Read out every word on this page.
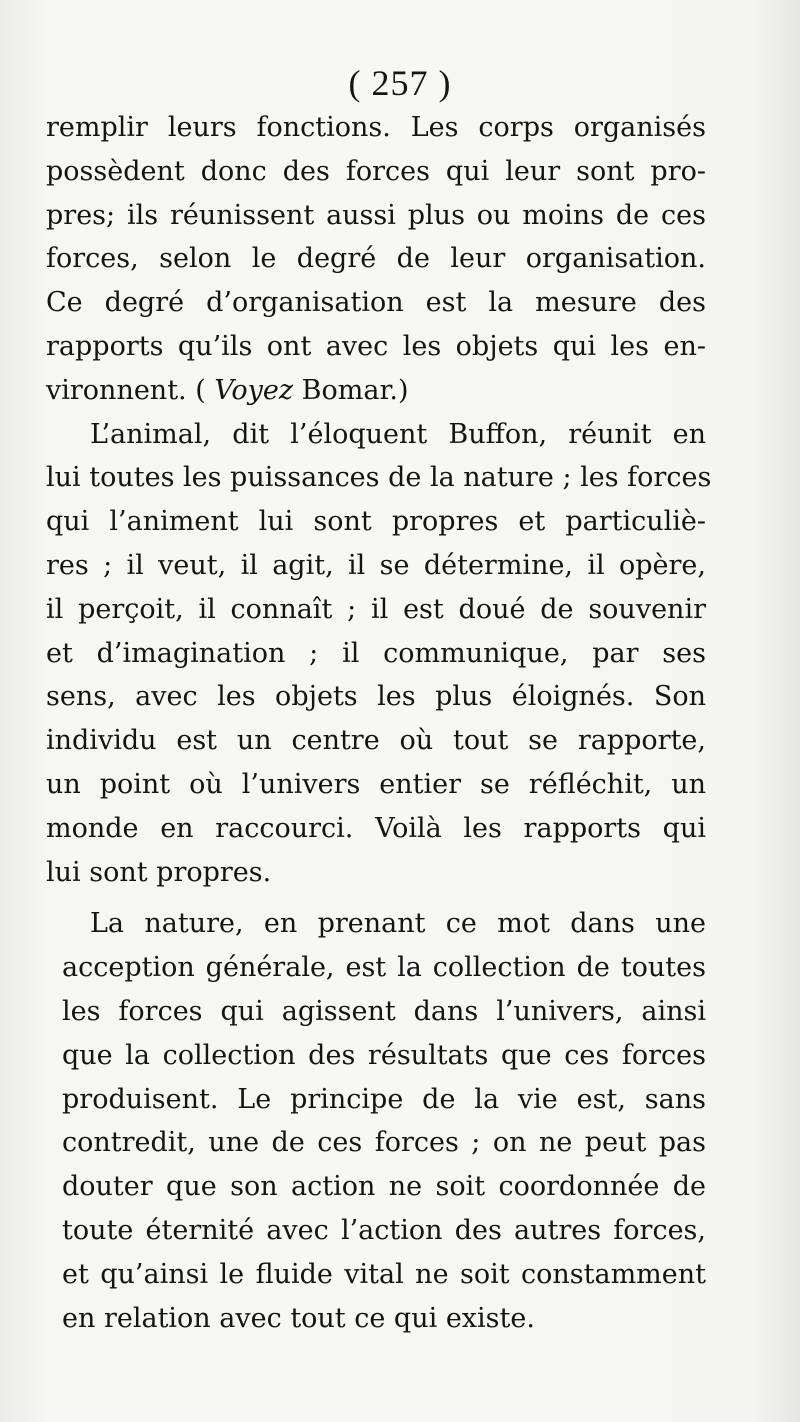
( 257 )
remplir leurs fonctions. Les corps organisés
possèdent donc des forces qui leur sont pro-
pres; ils réunissent aussi plus ou moins de ces
forces, selon le degré de leur organisation.
Ce degré d’organisation est la mesure des
rapports qu’ils ont avec les objets qui les en-
vironnent. ( Voyez Bomar.)
L’animal, dit l’éloquent Buffon, réunit en
lui toutes les puissances de la nature ; les forces
qui l’animent lui sont propres et particuliè-
res ; il veut, il agit, il se détermine, il opère,
il perçoit, il connaît ; il est doué de souvenir
et d’imagination ; il communique, par ses
sens, avec les objets les plus éloignés. Son
individu est un centre où tout se rapporte,
un point où l’univers entier se réfléchit, un
monde en raccourci. Voilà les rapports qui
lui sont propres.
La nature, en prenant ce mot dans une
acception générale, est la collection de toutes
les forces qui agissent dans l’univers, ainsi
que la collection des résultats que ces forces
produisent. Le principe de la vie est, sans
contredit, une de ces forces ; on ne peut pas
douter que son action ne soit coordonnée de
toute éternité avec l’action des autres forces,
et qu’ainsi le fluide vital ne soit constamment
en relation avec tout ce qui existe.
